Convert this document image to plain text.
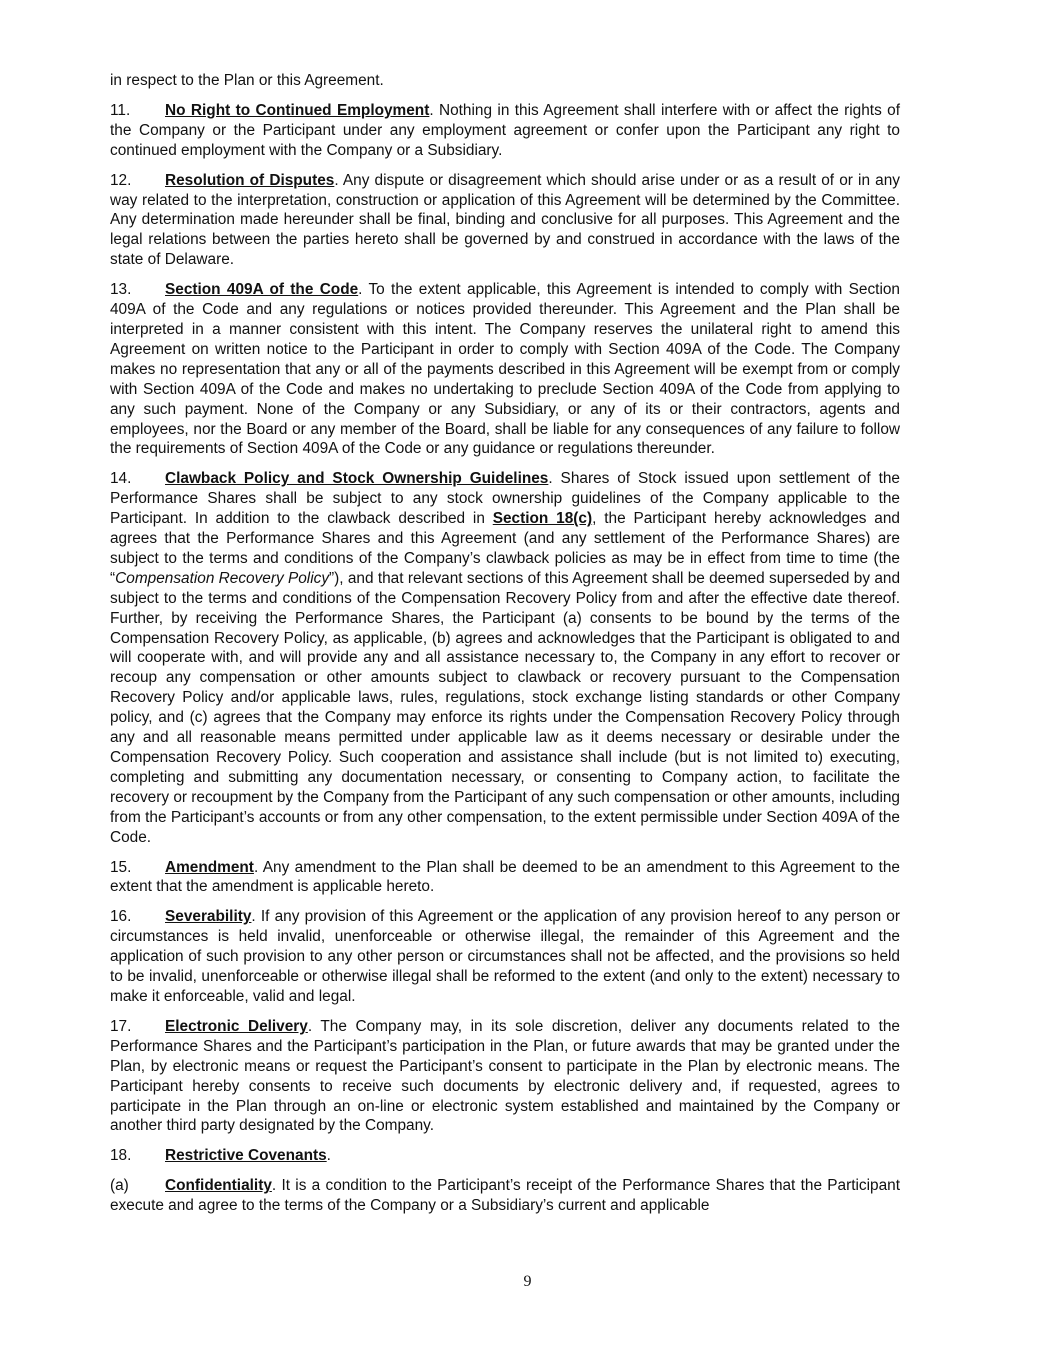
in respect to the Plan or this Agreement.

11. No Right to Continued Employment. Nothing in this Agreement shall interfere with or affect the rights of the Company or the Participant under any employment agreement or confer upon the Participant any right to continued employment with the Company or a Subsidiary.

12. Resolution of Disputes. Any dispute or disagreement which should arise under or as a result of or in any way related to the interpretation, construction or application of this Agreement will be determined by the Committee. Any determination made hereunder shall be final, binding and conclusive for all purposes. This Agreement and the legal relations between the parties hereto shall be governed by and construed in accordance with the laws of the state of Delaware.

13. Section 409A of the Code. To the extent applicable, this Agreement is intended to comply with Section 409A of the Code and any regulations or notices provided thereunder. This Agreement and the Plan shall be interpreted in a manner consistent with this intent. The Company reserves the unilateral right to amend this Agreement on written notice to the Participant in order to comply with Section 409A of the Code. The Company makes no representation that any or all of the payments described in this Agreement will be exempt from or comply with Section 409A of the Code and makes no undertaking to preclude Section 409A of the Code from applying to any such payment. None of the Company or any Subsidiary, or any of its or their contractors, agents and employees, nor the Board or any member of the Board, shall be liable for any consequences of any failure to follow the requirements of Section 409A of the Code or any guidance or regulations thereunder.

14. Clawback Policy and Stock Ownership Guidelines. Shares of Stock issued upon settlement of the Performance Shares shall be subject to any stock ownership guidelines of the Company applicable to the Participant. In addition to the clawback described in Section 18(c), the Participant hereby acknowledges and agrees that the Performance Shares and this Agreement (and any settlement of the Performance Shares) are subject to the terms and conditions of the Company’s clawback policies as may be in effect from time to time (the “Compensation Recovery Policy”), and that relevant sections of this Agreement shall be deemed superseded by and subject to the terms and conditions of the Compensation Recovery Policy from and after the effective date thereof. Further, by receiving the Performance Shares, the Participant (a) consents to be bound by the terms of the Compensation Recovery Policy, as applicable, (b) agrees and acknowledges that the Participant is obligated to and will cooperate with, and will provide any and all assistance necessary to, the Company in any effort to recover or recoup any compensation or other amounts subject to clawback or recovery pursuant to the Compensation Recovery Policy and/or applicable laws, rules, regulations, stock exchange listing standards or other Company policy, and (c) agrees that the Company may enforce its rights under the Compensation Recovery Policy through any and all reasonable means permitted under applicable law as it deems necessary or desirable under the Compensation Recovery Policy. Such cooperation and assistance shall include (but is not limited to) executing, completing and submitting any documentation necessary, or consenting to Company action, to facilitate the recovery or recoupment by the Company from the Participant of any such compensation or other amounts, including from the Participant’s accounts or from any other compensation, to the extent permissible under Section 409A of the Code.

15. Amendment. Any amendment to the Plan shall be deemed to be an amendment to this Agreement to the extent that the amendment is applicable hereto.

16. Severability. If any provision of this Agreement or the application of any provision hereof to any person or circumstances is held invalid, unenforceable or otherwise illegal, the remainder of this Agreement and the application of such provision to any other person or circumstances shall not be affected, and the provisions so held to be invalid, unenforceable or otherwise illegal shall be reformed to the extent (and only to the extent) necessary to make it enforceable, valid and legal.

17. Electronic Delivery. The Company may, in its sole discretion, deliver any documents related to the Performance Shares and the Participant’s participation in the Plan, or future awards that may be granted under the Plan, by electronic means or request the Participant’s consent to participate in the Plan by electronic means. The Participant hereby consents to receive such documents by electronic delivery and, if requested, agrees to participate in the Plan through an on-line or electronic system established and maintained by the Company or another third party designated by the Company.

18. Restrictive Covenants.

(a) Confidentiality. It is a condition to the Participant’s receipt of the Performance Shares that the Participant execute and agree to the terms of the Company or a Subsidiary’s current and applicable

9
